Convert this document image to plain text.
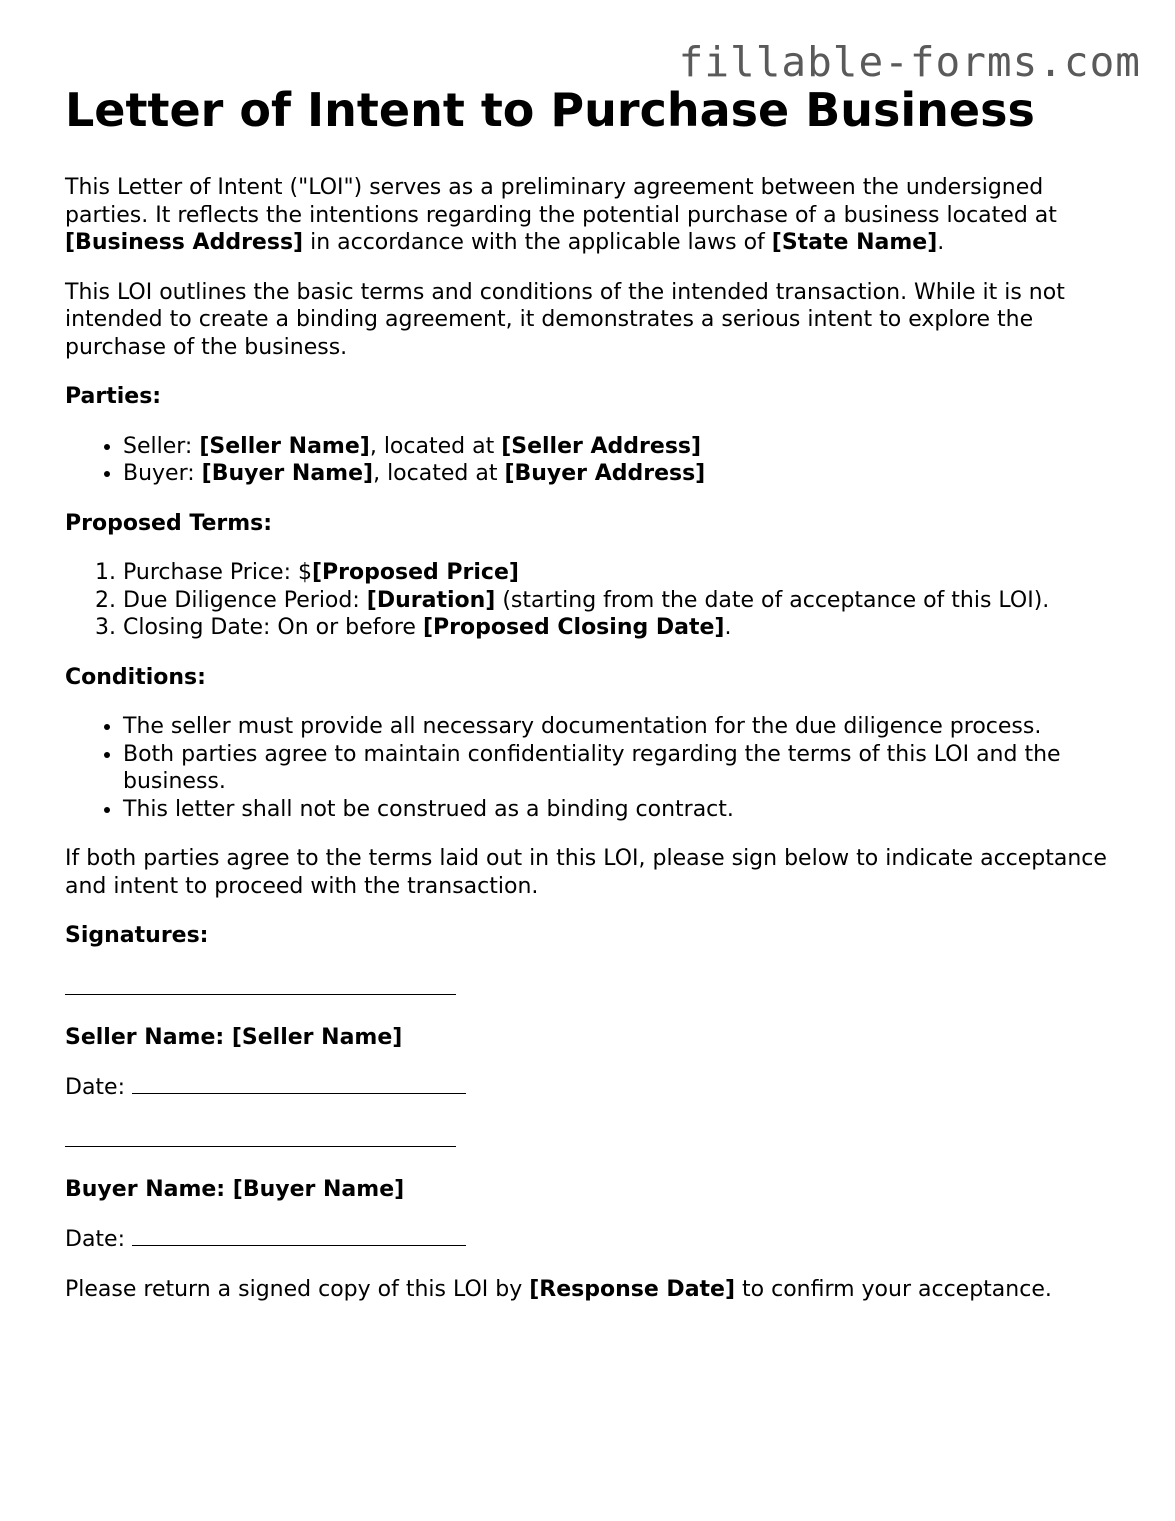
fillable-forms.com
Letter of Intent to Purchase Business

This Letter of Intent ("LOI") serves as a preliminary agreement between the undersigned parties. It reflects the intentions regarding the potential purchase of a business located at [Business Address] in accordance with the applicable laws of [State Name].

This LOI outlines the basic terms and conditions of the intended transaction. While it is not intended to create a binding agreement, it demonstrates a serious intent to explore the purchase of the business.

Parties:

• Seller: [Seller Name], located at [Seller Address]
• Buyer: [Buyer Name], located at [Buyer Address]

Proposed Terms:

1. Purchase Price: $[Proposed Price]
2. Due Diligence Period: [Duration] (starting from the date of acceptance of this LOI).
3. Closing Date: On or before [Proposed Closing Date].

Conditions:

• The seller must provide all necessary documentation for the due diligence process.
• Both parties agree to maintain confidentiality regarding the terms of this LOI and the business.
• This letter shall not be construed as a binding contract.

If both parties agree to the terms laid out in this LOI, please sign below to indicate acceptance and intent to proceed with the transaction.

Signatures:

Seller Name: [Seller Name]

Date:

Buyer Name: [Buyer Name]

Date:

Please return a signed copy of this LOI by [Response Date] to confirm your acceptance.
